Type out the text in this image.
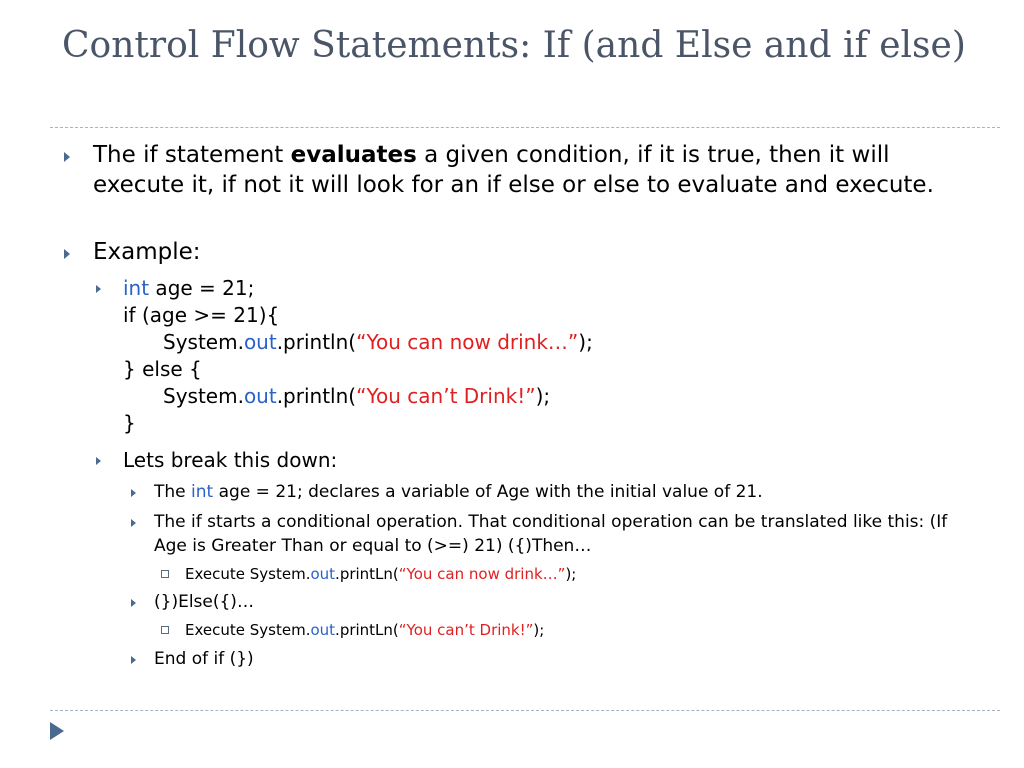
Control Flow Statements: If (and Else and if else)
The if statement evaluates a given condition, if it is true, then it will execute it, if not it will look for an if else or else to evaluate and execute.
Example:
int age = 21;
if (age >= 21){
System.out.println(“You can now drink…”);
} else {
System.out.println(“You can’t Drink!”);
}
Lets break this down:
The int age = 21; declares a variable of Age with the initial value of 21.
The if starts a conditional operation. That conditional operation can be translated like this: (If Age is Greater Than or equal to (>=) 21) ({)Then…
Execute System.out.printLn(“You can now drink…”);
(})Else({)…
Execute System.out.printLn(“You can’t Drink!”);
End of if (})
